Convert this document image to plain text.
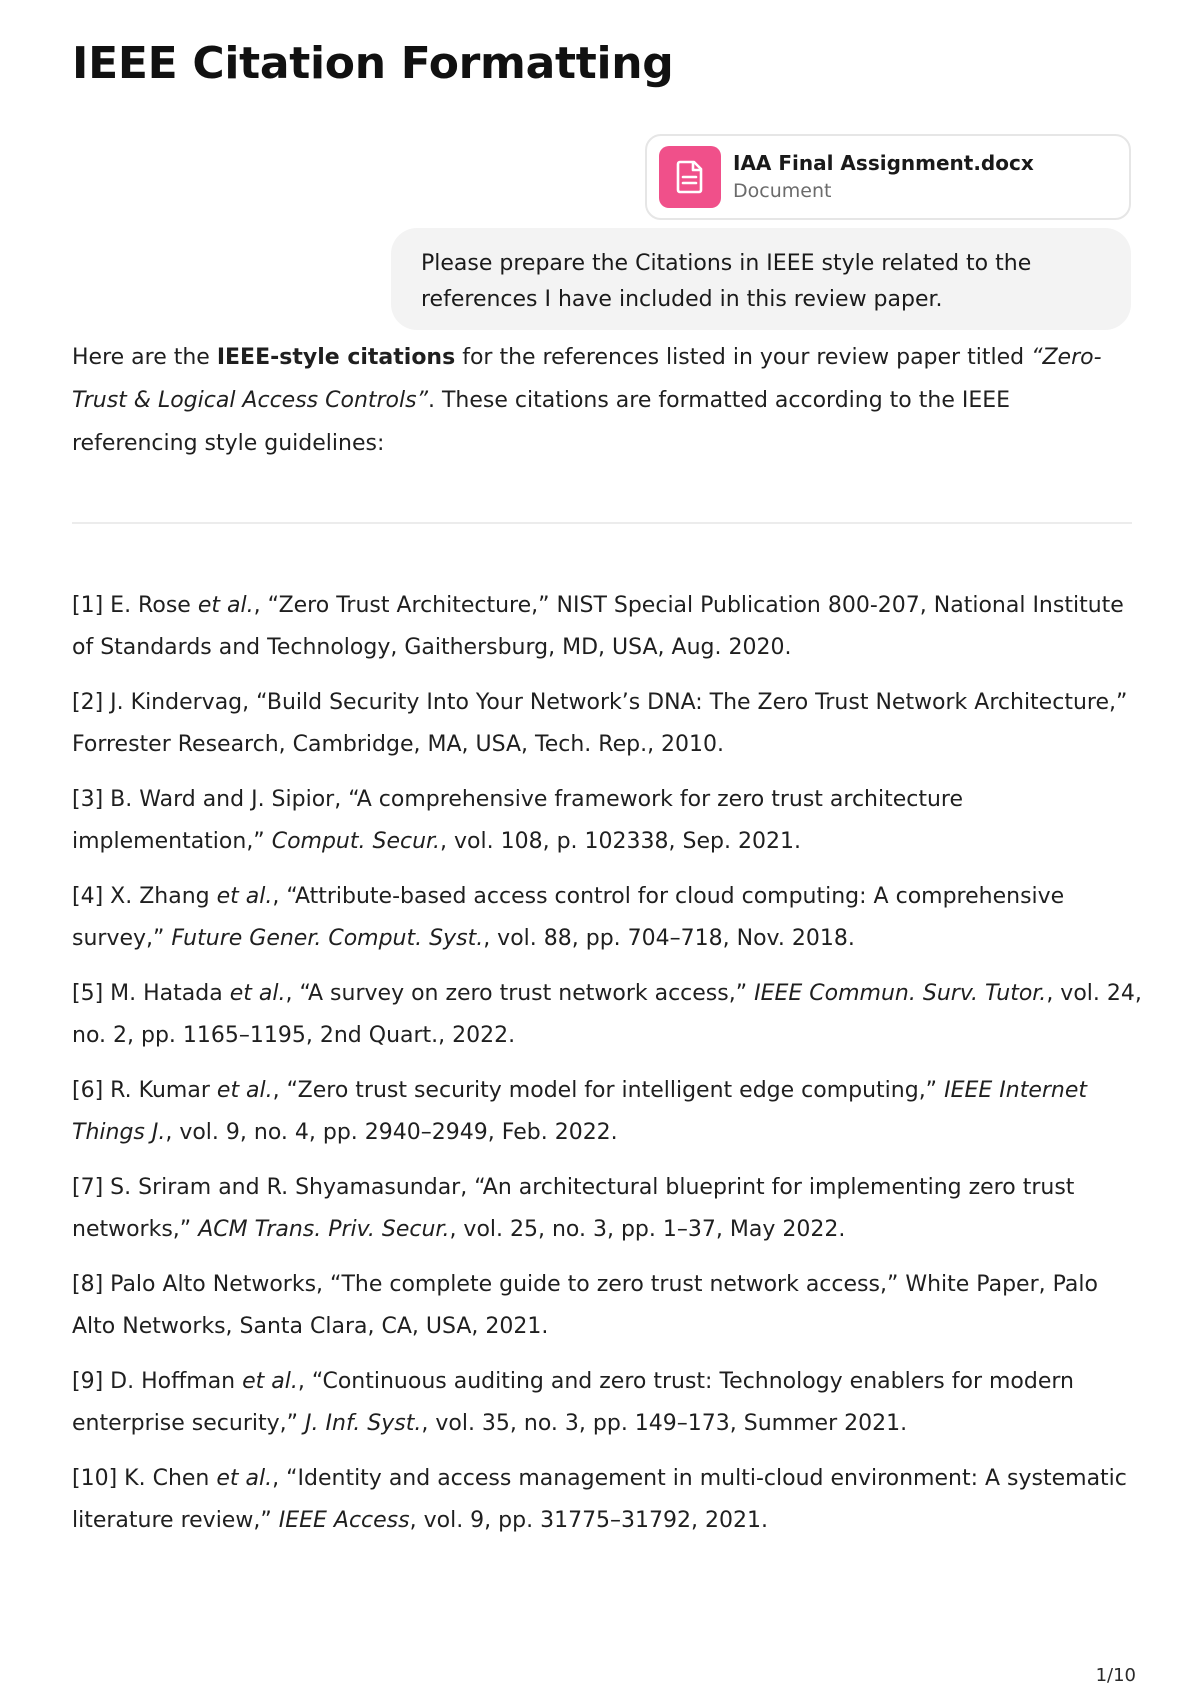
IEEE Citation Formatting
IAA Final Assignment.docx
Document
Please prepare the Citations in IEEE style related to the references I have included in this review paper.

Here are the IEEE-style citations for the references listed in your review paper titled “Zero-Trust & Logical Access Controls”. These citations are formatted according to the IEEE referencing style guidelines:

[1] E. Rose et al., “Zero Trust Architecture,” NIST Special Publication 800-207, National Institute of Standards and Technology, Gaithersburg, MD, USA, Aug. 2020.

[2] J. Kindervag, “Build Security Into Your Network’s DNA: The Zero Trust Network Architecture,” Forrester Research, Cambridge, MA, USA, Tech. Rep., 2010.

[3] B. Ward and J. Sipior, “A comprehensive framework for zero trust architecture implementation,” Comput. Secur., vol. 108, p. 102338, Sep. 2021.

[4] X. Zhang et al., “Attribute-based access control for cloud computing: A comprehensive survey,” Future Gener. Comput. Syst., vol. 88, pp. 704–718, Nov. 2018.

[5] M. Hatada et al., “A survey on zero trust network access,” IEEE Commun. Surv. Tutor., vol. 24, no. 2, pp. 1165–1195, 2nd Quart., 2022.

[6] R. Kumar et al., “Zero trust security model for intelligent edge computing,” IEEE Internet Things J., vol. 9, no. 4, pp. 2940–2949, Feb. 2022.

[7] S. Sriram and R. Shyamasundar, “An architectural blueprint for implementing zero trust networks,” ACM Trans. Priv. Secur., vol. 25, no. 3, pp. 1–37, May 2022.

[8] Palo Alto Networks, “The complete guide to zero trust network access,” White Paper, Palo Alto Networks, Santa Clara, CA, USA, 2021.

[9] D. Hoffman et al., “Continuous auditing and zero trust: Technology enablers for modern enterprise security,” J. Inf. Syst., vol. 35, no. 3, pp. 149–173, Summer 2021.

[10] K. Chen et al., “Identity and access management in multi-cloud environment: A systematic literature review,” IEEE Access, vol. 9, pp. 31775–31792, 2021.

1/10
